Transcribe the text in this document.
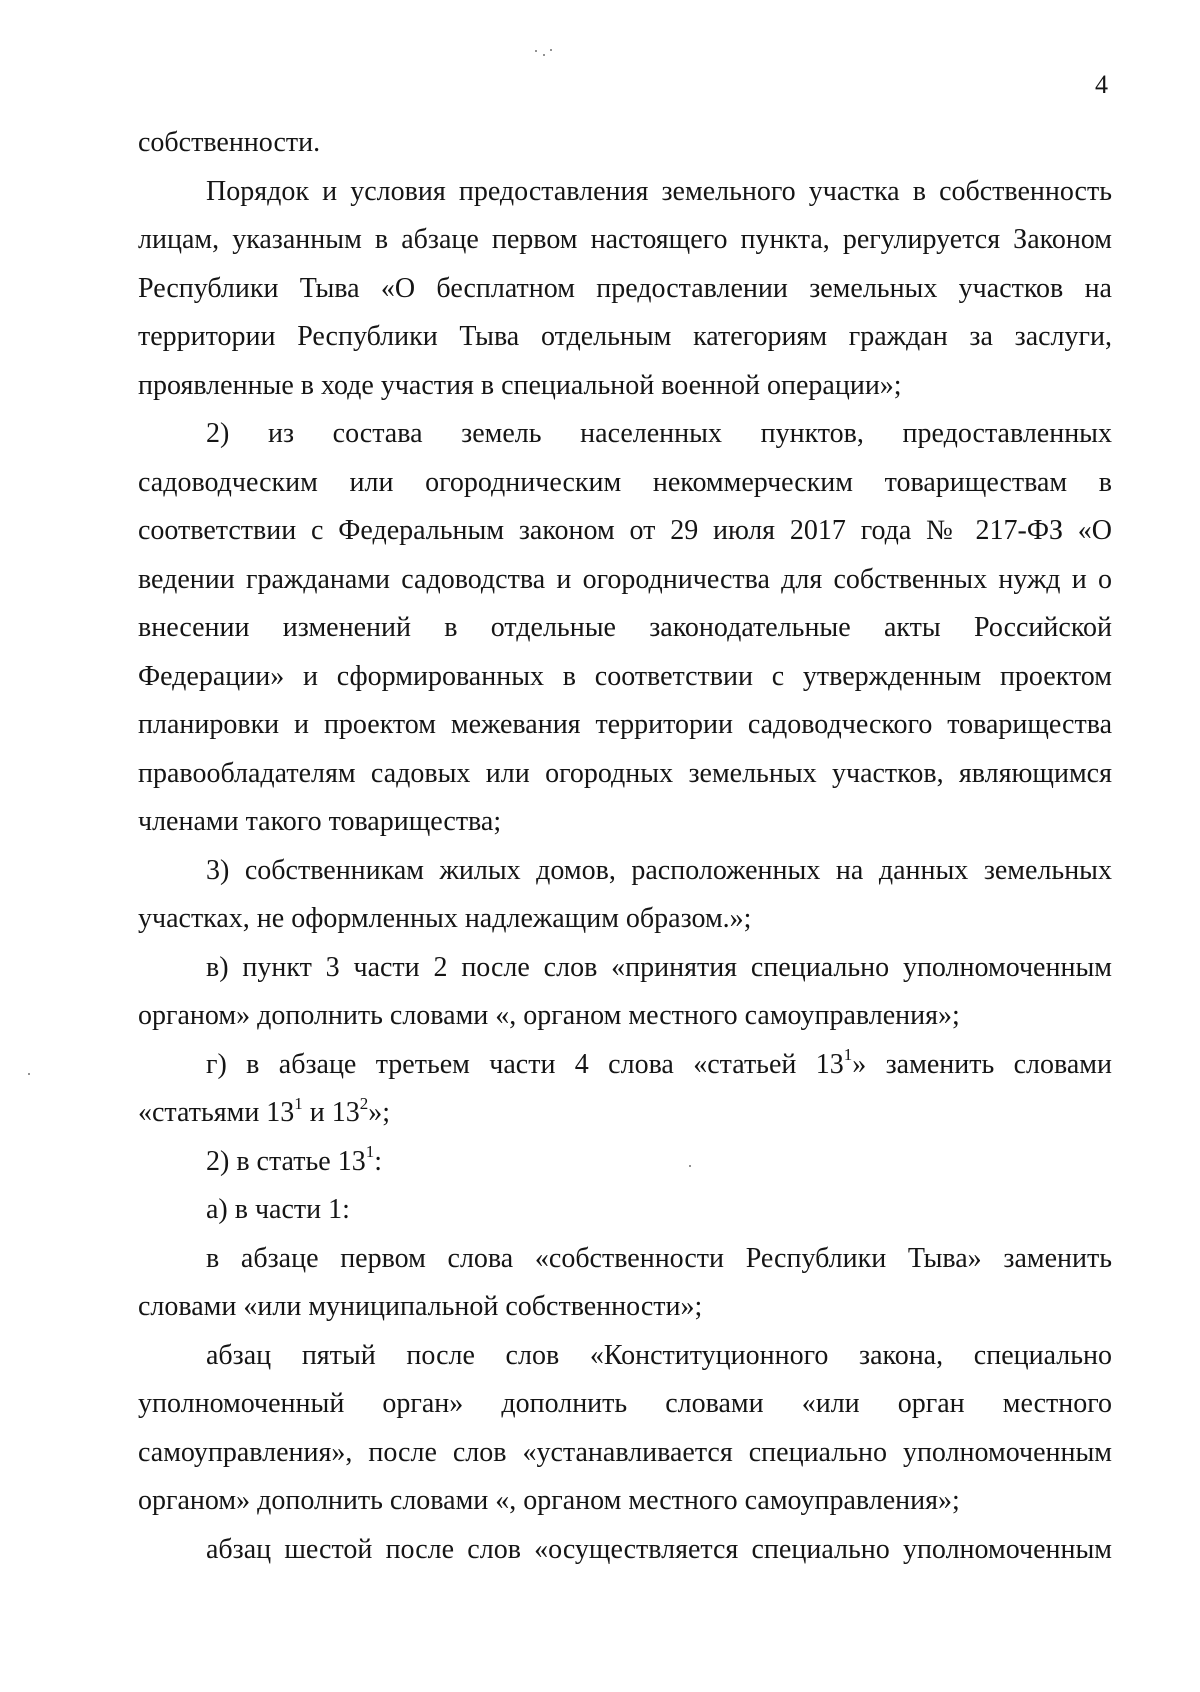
4
собственности.
Порядок и условия предоставления земельного участка в собственность
лицам, указанным в абзаце первом настоящего пункта, регулируется Законом
Республики Тыва «О бесплатном предоставлении земельных участков на
территории Республики Тыва отдельным категориям граждан за заслуги,
проявленные в ходе участия в специальной военной операции»;
2) из состава земель населенных пунктов, предоставленных
садоводческим или огородническим некоммерческим товариществам в
соответствии с Федеральным законом от 29 июля 2017 года № 217-ФЗ «О
ведении гражданами садоводства и огородничества для собственных нужд и о
внесении изменений в отдельные законодательные акты Российской
Федерации» и сформированных в соответствии с утвержденным проектом
планировки и проектом межевания территории садоводческого товарищества
правообладателям садовых или огородных земельных участков, являющимся
членами такого товарищества;
3) собственникам жилых домов, расположенных на данных земельных
участках, не оформленных надлежащим образом.»;
в) пункт 3 части 2 после слов «принятия специально уполномоченным
органом» дополнить словами «, органом местного самоуправления»;
г) в абзаце третьем части 4 слова «статьей $13^1$» заменить словами
«статьями $13^1$ и $13^2$»;
2) в статье $13^1$:
а) в части 1:
в абзаце первом слова «собственности Республики Тыва» заменить
словами «или муниципальной собственности»;
абзац пятый после слов «Конституционного закона, специально
уполномоченный орган» дополнить словами «или орган местного
самоуправления», после слов «устанавливается специально уполномоченным
органом» дополнить словами «, органом местного самоуправления»;
абзац шестой после слов «осуществляется специально уполномоченным
